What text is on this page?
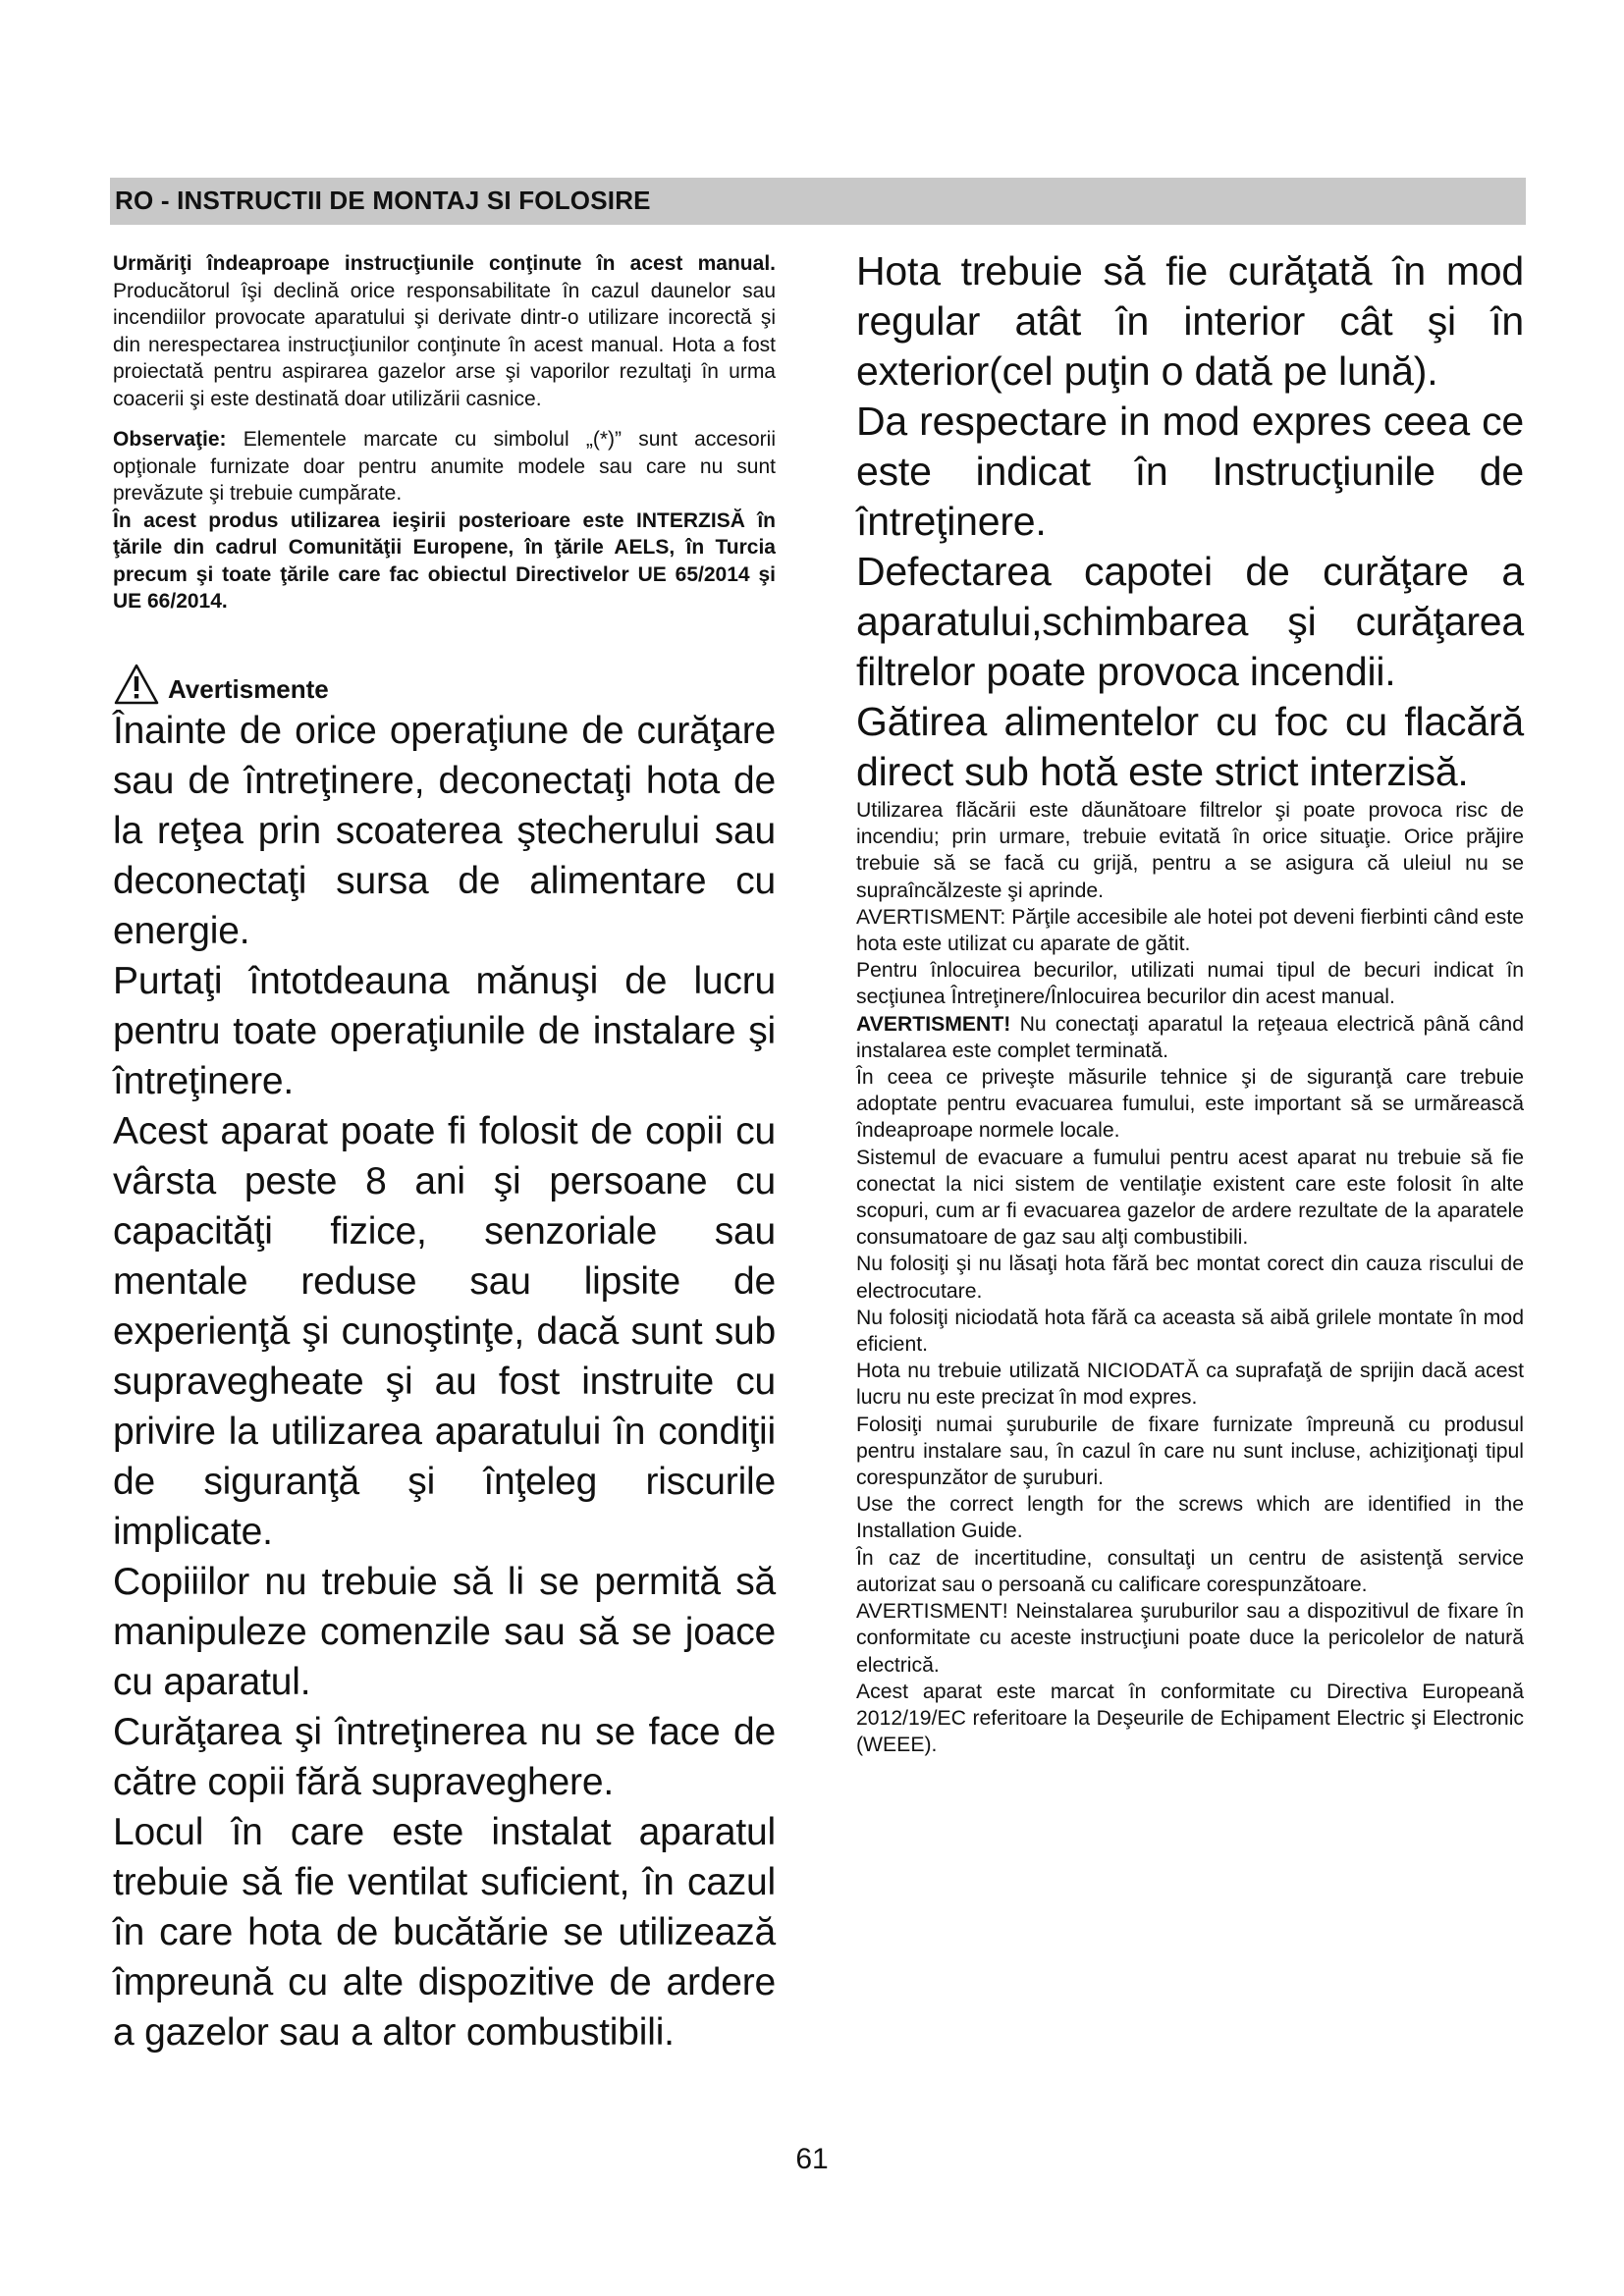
RO - INSTRUCTII DE MONTAJ SI FOLOSIRE

Urmăriţi îndeaproape instrucţiunile conţinute în acest manual. Producătorul îşi declină orice responsabilitate în cazul daunelor sau incendiilor provocate aparatului şi derivate dintr-o utilizare incorectă şi din nerespectarea instrucţiunilor conţinute în acest manual. Hota a fost proiectată pentru aspirarea gazelor arse şi vaporilor rezultaţi în urma coacerii şi este destinată doar utilizării casnice.

Observaţie: Elementele marcate cu simbolul „(*)” sunt accesorii opţionale furnizate doar pentru anumite modele sau care nu sunt prevăzute şi trebuie cumpărate.

În acest produs utilizarea ieşirii posterioare este INTERZISĂ în ţările din cadrul Comunităţii Europene, în ţările AELS, în Turcia precum şi toate ţările care fac obiectul Directivelor UE 65/2014 şi UE 66/2014.

Avertismente

Înainte de orice operaţiune de curăţare sau de întreţinere, deconectaţi hota de la reţea prin scoaterea ştecherului sau deconectaţi sursa de alimentare cu energie.

Purtaţi întotdeauna mănuşi de lucru pentru toate operaţiunile de instalare şi întreţinere.

Acest aparat poate fi folosit de copii cu vârsta peste 8 ani şi persoane cu capacităţi fizice, senzoriale sau mentale reduse sau lipsite de experienţă şi cunoştinţe, dacă sunt sub supravegheate şi au fost instruite cu privire la utilizarea aparatului în condiţii de siguranţă şi înţeleg riscurile implicate.

Copiiilor nu trebuie să li se permită să manipuleze comenzile sau să se joace cu aparatul.

Curăţarea şi întreţinerea nu se face de către copii fără supraveghere.

Locul în care este instalat aparatul trebuie să fie ventilat suficient, în cazul în care hota de bucătărie se utilizează împreună cu alte dispozitive de ardere a gazelor sau a altor combustibili.

Hota trebuie să fie curăţată în mod regular atât în interior cât şi în exterior(cel puţin o dată pe lună).

Da respectare in mod expres ceea ce este indicat în Instrucţiunile de întreţinere.

Defectarea capotei de curăţare a aparatului,schimbarea şi curăţarea filtrelor poate provoca incendii.

Gătirea alimentelor cu foc cu flacără direct sub hotă este strict interzisă.

Utilizarea flăcării este dăunătoare filtrelor şi poate provoca risc de incendiu; prin urmare, trebuie evitată în orice situaţie. Orice prăjire trebuie să se facă cu grijă, pentru a se asigura că uleiul nu se supraîncălzeste şi aprinde.

AVERTISMENT: Părţile accesibile ale hotei pot deveni fierbinti când este hota este utilizat cu aparate de gătit.

Pentru înlocuirea becurilor, utilizati numai tipul de becuri indicat în secţiunea Întreţinere/Înlocuirea becurilor din acest manual.

AVERTISMENT! Nu conectaţi aparatul la reţeaua electrică până când instalarea este complet terminată.

În ceea ce priveşte măsurile tehnice şi de siguranţă care trebuie adoptate pentru evacuarea fumului, este important să se urmărească îndeaproape normele locale.

Sistemul de evacuare a fumului pentru acest aparat nu trebuie să fie conectat la nici sistem de ventilaţie existent care este folosit în alte scopuri, cum ar fi evacuarea gazelor de ardere rezultate de la aparatele consumatoare de gaz sau alţi combustibili.

Nu folosiţi şi nu lăsaţi hota fără bec montat corect din cauza riscului de electrocutare.

Nu folosiţi niciodată hota fără ca aceasta să aibă grilele montate în mod eficient.

Hota nu trebuie utilizată NICIODATĂ ca suprafaţă de sprijin dacă acest lucru nu este precizat în mod expres.

Folosiţi numai şuruburile de fixare furnizate împreună cu produsul pentru instalare sau, în cazul în care nu sunt incluse, achiziţionaţi tipul corespunzător de şuruburi.

Use the correct length for the screws which are identified in the Installation Guide.

În caz de incertitudine, consultaţi un centru de asistenţă service autorizat sau o persoană cu calificare corespunzătoare.

AVERTISMENT! Neinstalarea şuruburilor sau a dispozitivul de fixare în conformitate cu aceste instrucţiuni poate duce la pericolelor de natură electrică.

Acest aparat este marcat în conformitate cu Directiva Europeană 2012/19/EC referitoare la Deşeurile de Echipament Electric şi Electronic (WEEE).

61
